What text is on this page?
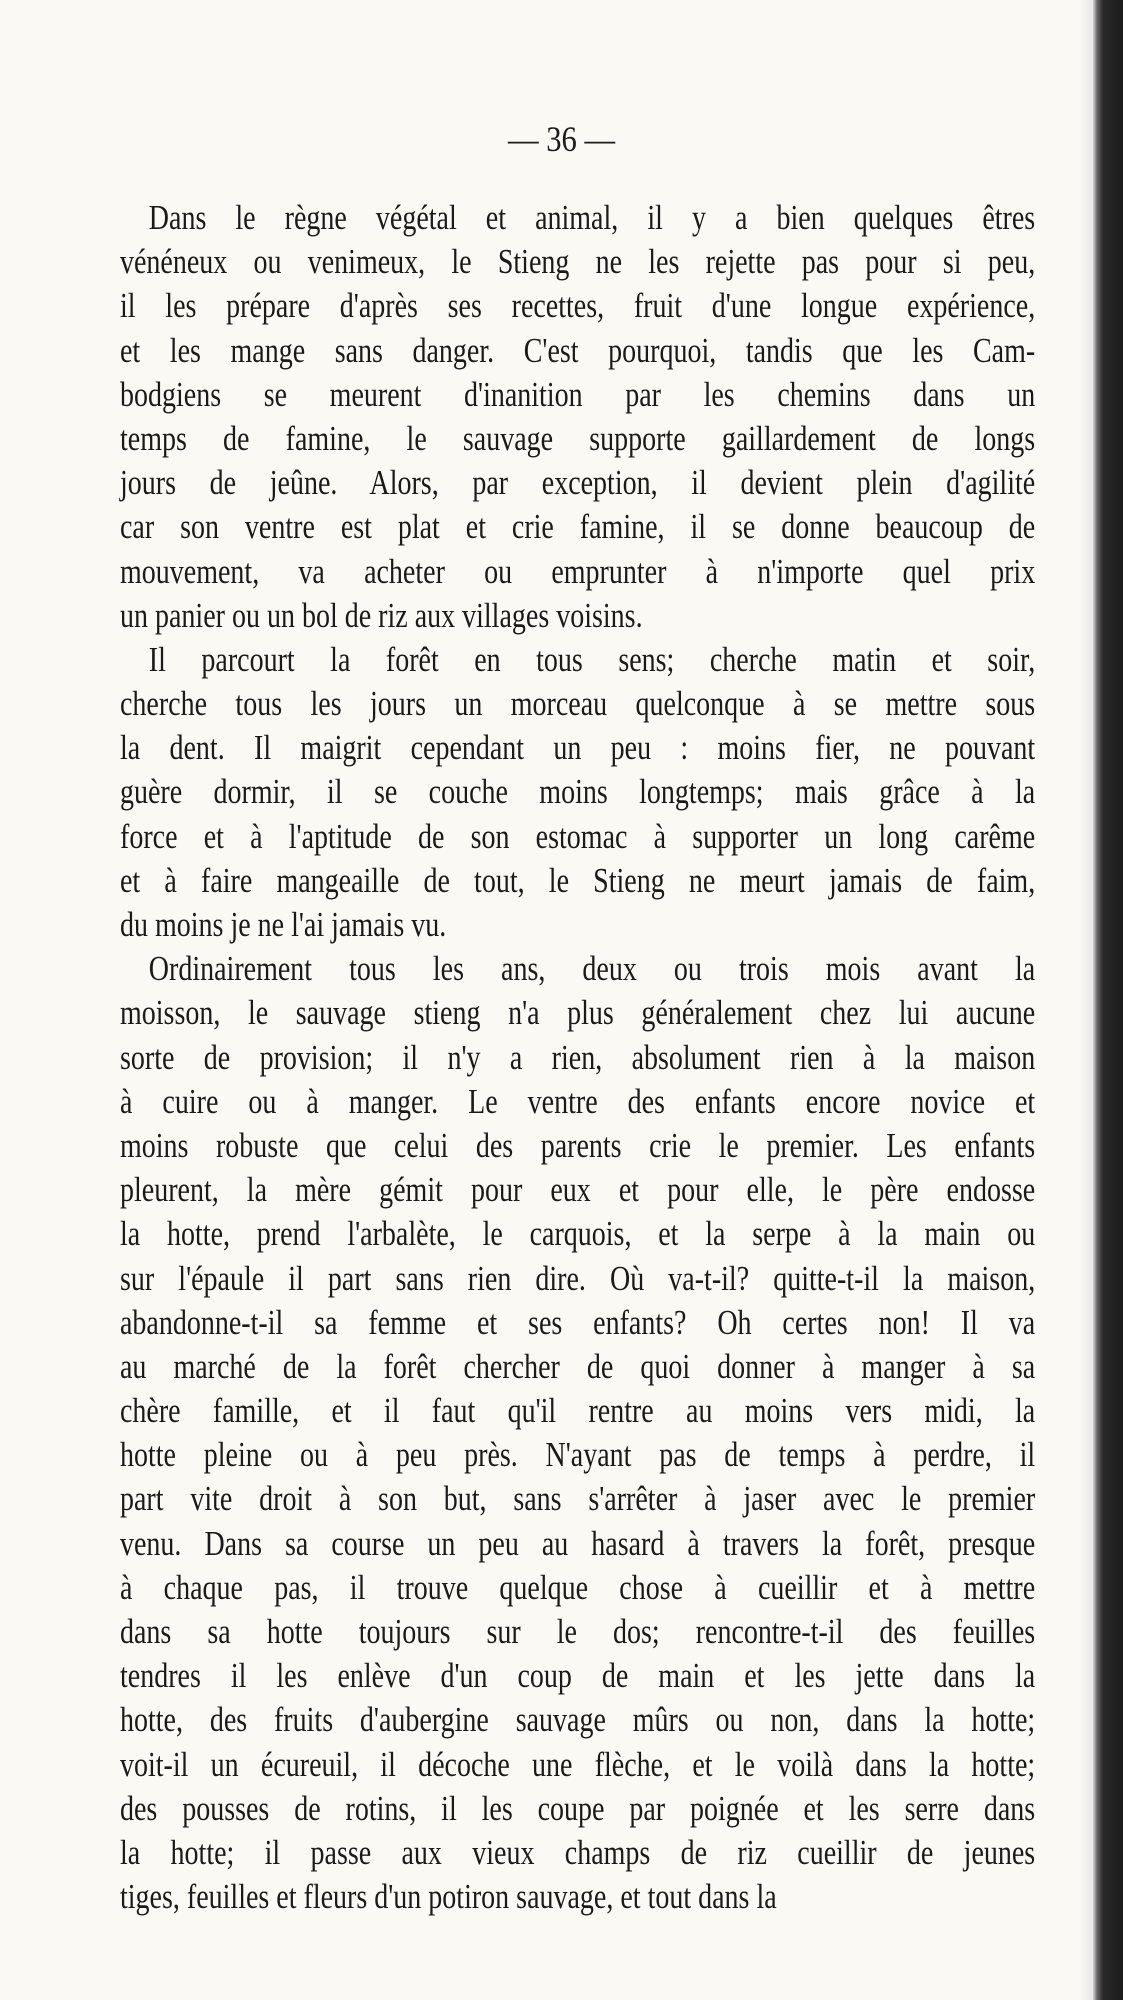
— 36 —
Dans le règne végétal et animal, il y a bien quelques êtres
vénéneux ou venimeux, le Stieng ne les rejette pas pour si peu,
il les prépare d'après ses recettes, fruit d'une longue expérience,
et les mange sans danger. C'est pourquoi, tandis que les Cam-
bodgiens se meurent d'inanition par les chemins dans un
temps de famine, le sauvage supporte gaillardement de longs
jours de jeûne. Alors, par exception, il devient plein d'agilité
car son ventre est plat et crie famine, il se donne beaucoup de
mouvement, va acheter ou emprunter à n'importe quel prix
un panier ou un bol de riz aux villages voisins.
Il parcourt la forêt en tous sens; cherche matin et soir,
cherche tous les jours un morceau quelconque à se mettre sous
la dent. Il maigrit cependant un peu : moins fier, ne pouvant
guère dormir, il se couche moins longtemps; mais grâce à la
force et à l'aptitude de son estomac à supporter un long carême
et à faire mangeaille de tout, le Stieng ne meurt jamais de faim,
du moins je ne l'ai jamais vu.
Ordinairement tous les ans, deux ou trois mois avant la
moisson, le sauvage stieng n'a plus généralement chez lui aucune
sorte de provision; il n'y a rien, absolument rien à la maison
à cuire ou à manger. Le ventre des enfants encore novice et
moins robuste que celui des parents crie le premier. Les enfants
pleurent, la mère gémit pour eux et pour elle, le père endosse
la hotte, prend l'arbalète, le carquois, et la serpe à la main ou
sur l'épaule il part sans rien dire. Où va-t-il? quitte-t-il la maison,
abandonne-t-il sa femme et ses enfants? Oh certes non! Il va
au marché de la forêt chercher de quoi donner à manger à sa
chère famille, et il faut qu'il rentre au moins vers midi, la
hotte pleine ou à peu près. N'ayant pas de temps à perdre, il
part vite droit à son but, sans s'arrêter à jaser avec le premier
venu. Dans sa course un peu au hasard à travers la forêt, presque
à chaque pas, il trouve quelque chose à cueillir et à mettre
dans sa hotte toujours sur le dos; rencontre-t-il des feuilles
tendres il les enlève d'un coup de main et les jette dans la
hotte, des fruits d'aubergine sauvage mûrs ou non, dans la hotte;
voit-il un écureuil, il décoche une flèche, et le voilà dans la hotte;
des pousses de rotins, il les coupe par poignée et les serre dans
la hotte; il passe aux vieux champs de riz cueillir de jeunes
tiges, feuilles et fleurs d'un potiron sauvage, et tout dans la
